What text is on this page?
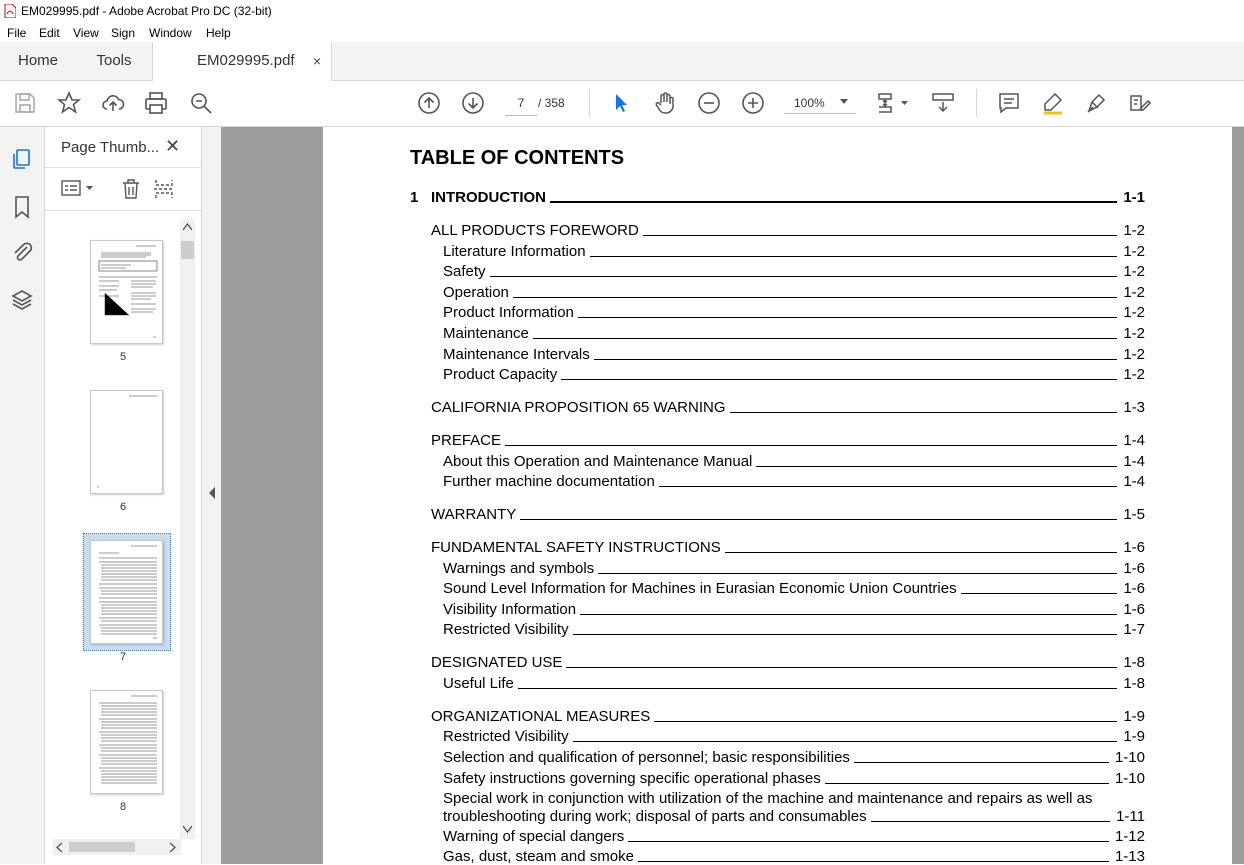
EM029995.pdf - Adobe Acrobat Pro DC (32-bit)
File Edit View Sign Window Help
Home	Tools	EM029995.pdf ×
7
/ 358	100%
Page Thumb... ✕
5
6
7
8
TABLE OF CONTENTS
1 INTRODUCTION	1-1
ALL PRODUCTS FOREWORD	1-2
Literature Information	1-2
Safety	1-2
Operation	1-2
Product Information	1-2
Maintenance	1-2
Maintenance Intervals	1-2
Product Capacity	1-2
CALIFORNIA PROPOSITION 65 WARNING	1-3
PREFACE	1-4
About this Operation and Maintenance Manual	1-4
Further machine documentation	1-4
WARRANTY	1-5
FUNDAMENTAL SAFETY INSTRUCTIONS	1-6
Warnings and symbols	1-6
Sound Level Information for Machines in Eurasian Economic Union Countries	1-6
Visibility Information	1-6
Restricted Visibility	1-7
DESIGNATED USE	1-8
Useful Life	1-8
ORGANIZATIONAL MEASURES	1-9
Restricted Visibility	1-9
Selection and qualification of personnel; basic responsibilities	1-10
Safety instructions governing specific operational phases	1-10
Special work in conjunction with utilization of the machine and maintenance and repairs as well as
troubleshooting during work; disposal of parts and consumables	1-11
Warning of special dangers	1-12
Gas, dust, steam and smoke	1-13
